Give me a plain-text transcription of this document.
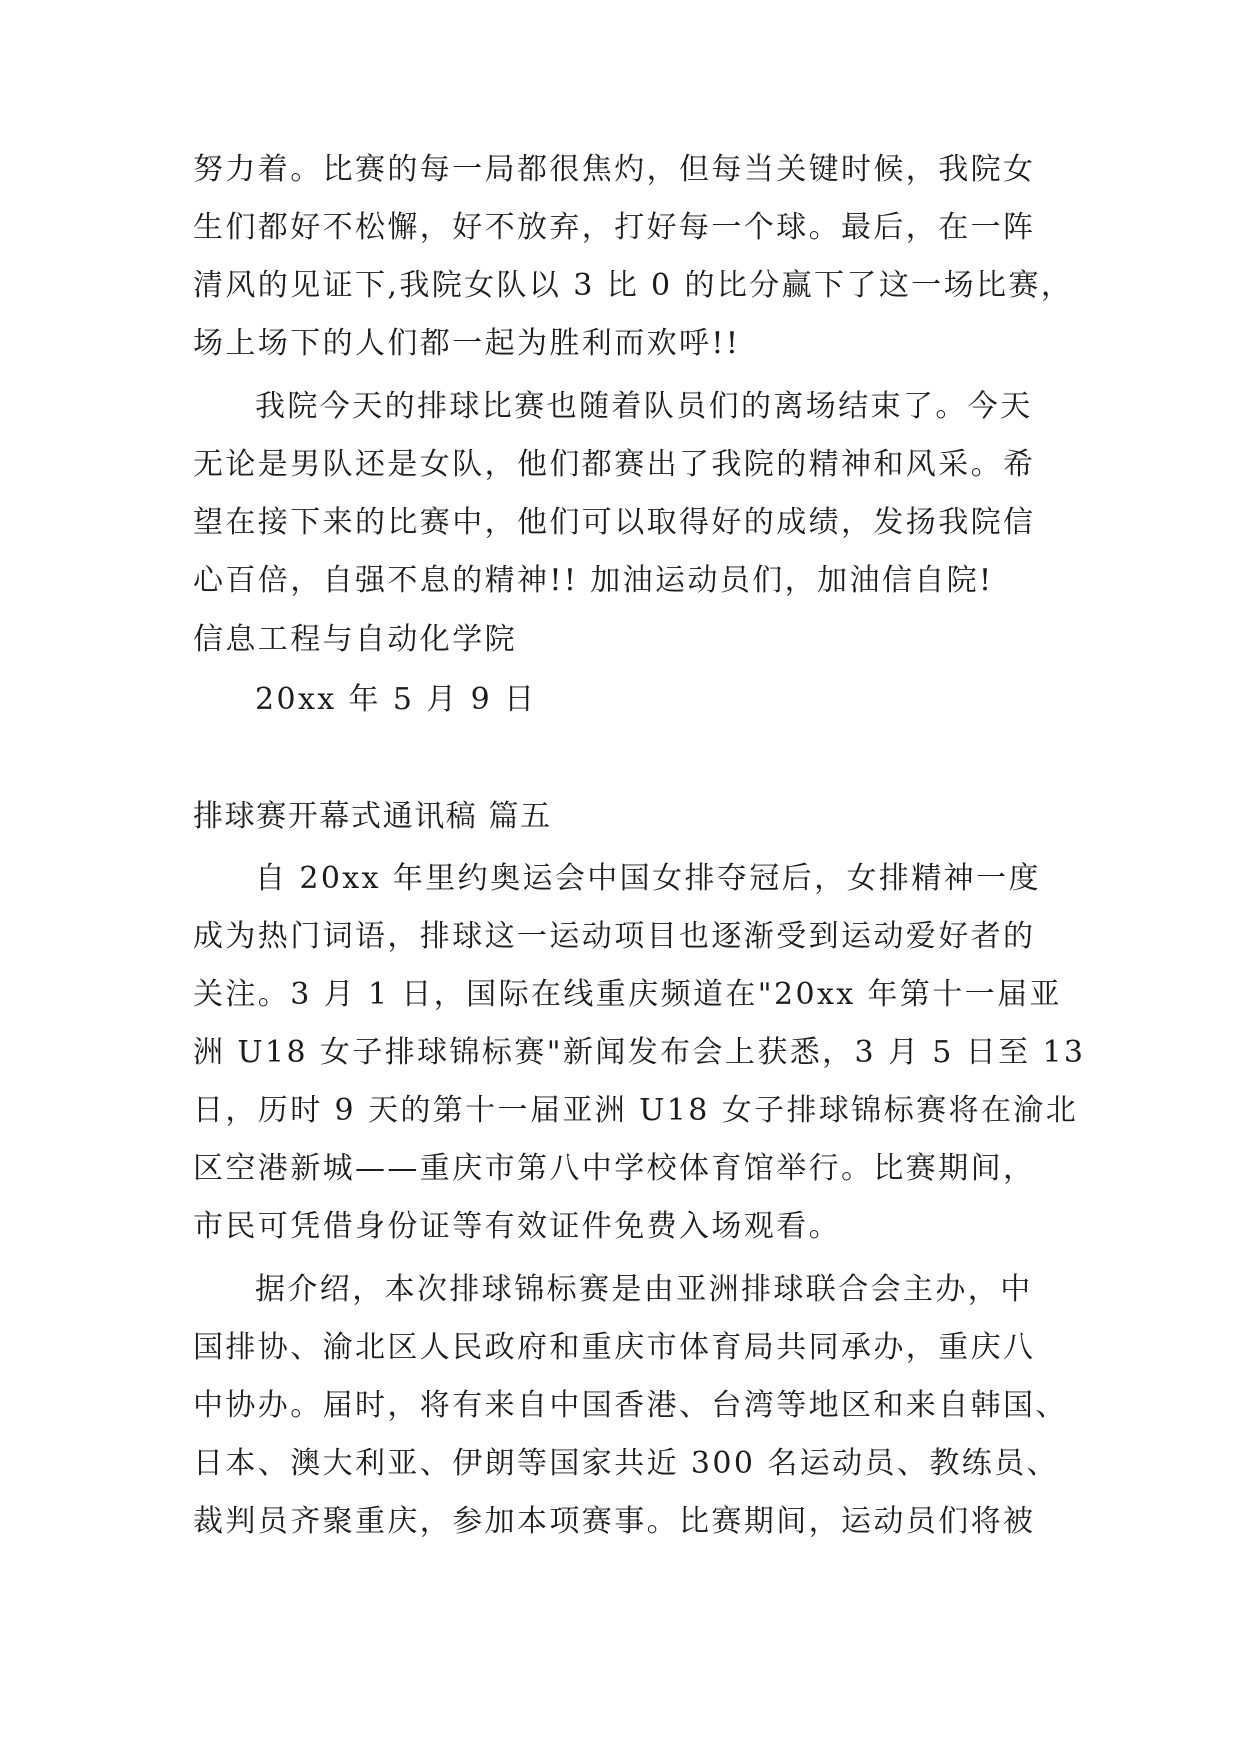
努力着。比赛的每一局都很焦灼，但每当关键时候，我院女
生们都好不松懈，好不放弃，打好每一个球。最后，在一阵
清风的见证下,我院女队以 3 比 0 的比分赢下了这一场比赛，
场上场下的人们都一起为胜利而欢呼!!
我院今天的排球比赛也随着队员们的离场结束了。今天
无论是男队还是女队，他们都赛出了我院的精神和风采。希
望在接下来的比赛中，他们可以取得好的成绩，发扬我院信
心百倍，自强不息的精神!! 加油运动员们，加油信自院!
信息工程与自动化学院
20xx 年 5 月 9 日
排球赛开幕式通讯稿 篇五
自 20xx 年里约奥运会中国女排夺冠后，女排精神一度
成为热门词语，排球这一运动项目也逐渐受到运动爱好者的
关注。3 月 1 日，国际在线重庆频道在"20xx 年第十一届亚
洲 U18 女子排球锦标赛"新闻发布会上获悉，3 月 5 日至 13
日，历时 9 天的第十一届亚洲 U18 女子排球锦标赛将在渝北
区空港新城——重庆市第八中学校体育馆举行。比赛期间，
市民可凭借身份证等有效证件免费入场观看。
据介绍，本次排球锦标赛是由亚洲排球联合会主办，中
国排协、渝北区人民政府和重庆市体育局共同承办，重庆八
中协办。届时，将有来自中国香港、台湾等地区和来自韩国、
日本、澳大利亚、伊朗等国家共近 300 名运动员、教练员、
裁判员齐聚重庆，参加本项赛事。比赛期间，运动员们将被
